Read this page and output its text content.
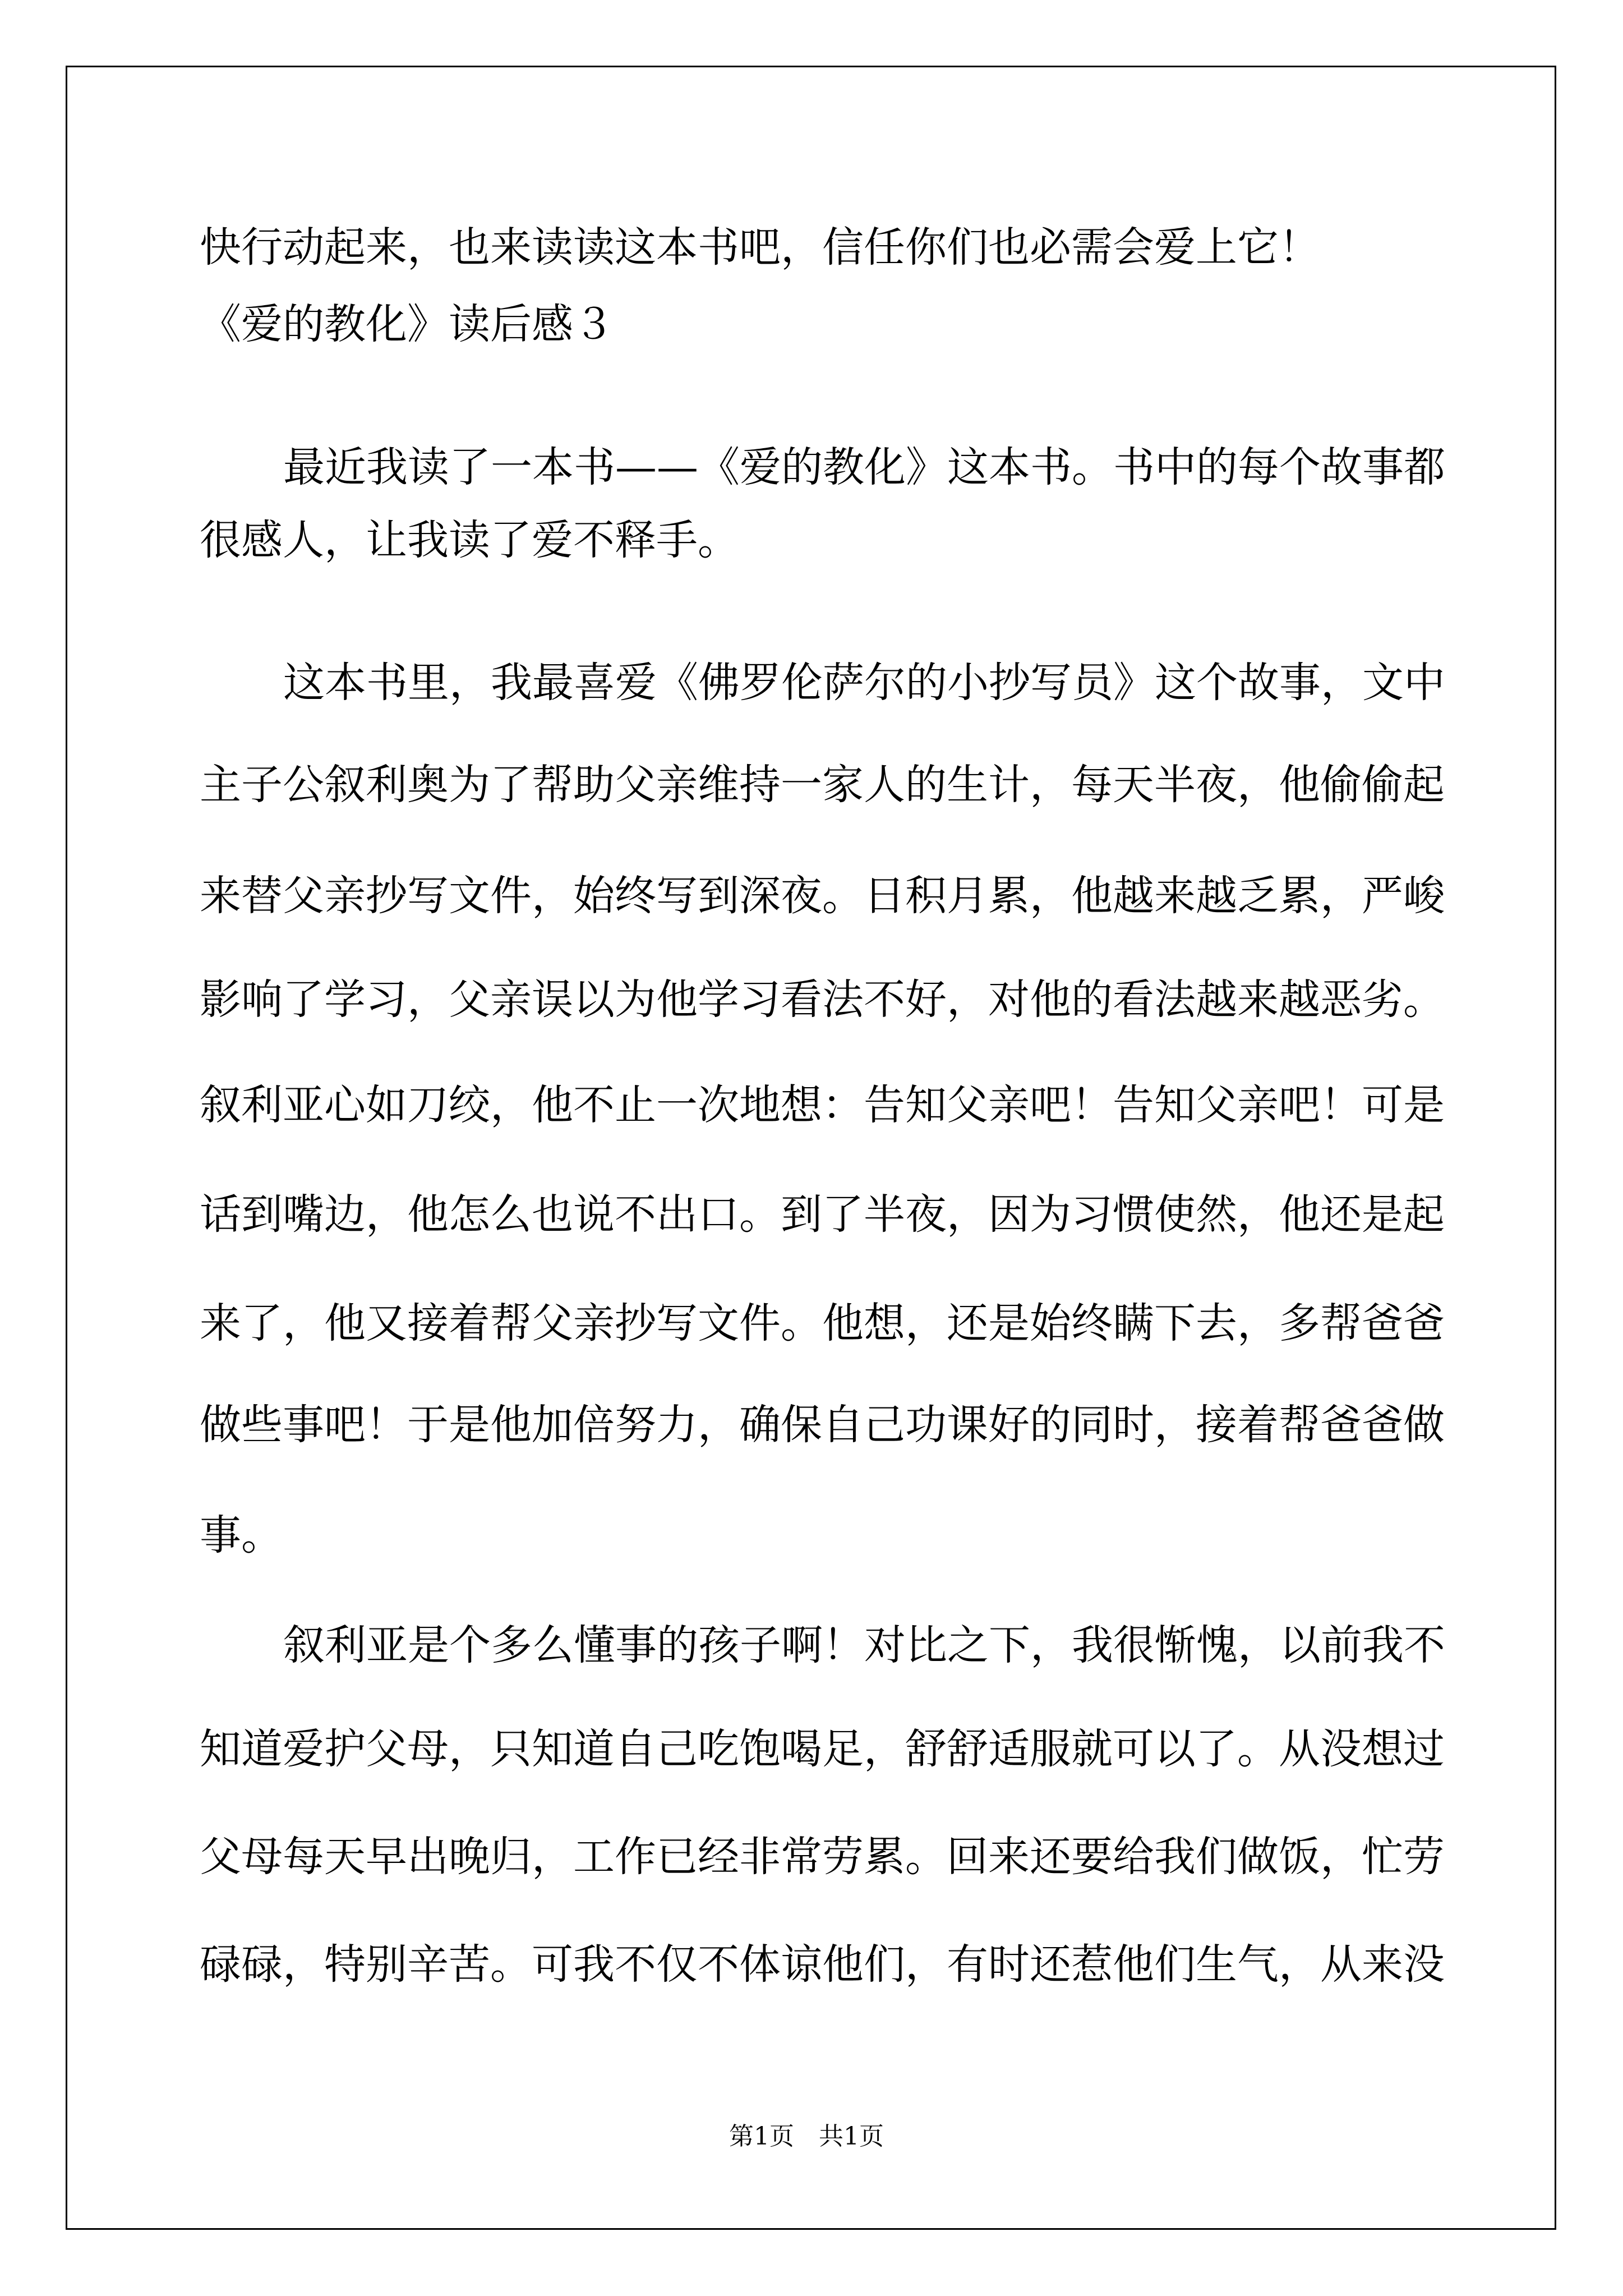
快行动起来，也来读读这本书吧，信任你们也必需会爱上它！
《爱的教化》读后感３
最近我读了一本书——《爱的教化》这本书。书中的每个故事都
很感人，让我读了爱不释手。
这本书里，我最喜爱《佛罗伦萨尔的小抄写员》这个故事，文中
主子公叙利奥为了帮助父亲维持一家人的生计，每天半夜，他偷偷起
来替父亲抄写文件，始终写到深夜。日积月累，他越来越乏累，严峻
影响了学习，父亲误以为他学习看法不好，对他的看法越来越恶劣。
叙利亚心如刀绞，他不止一次地想：告知父亲吧！告知父亲吧！可是
话到嘴边，他怎么也说不出口。到了半夜，因为习惯使然，他还是起
来了，他又接着帮父亲抄写文件。他想，还是始终瞒下去，多帮爸爸
做些事吧！于是他加倍努力，确保自己功课好的同时，接着帮爸爸做
事。
叙利亚是个多么懂事的孩子啊！对比之下，我很惭愧，以前我不
知道爱护父母，只知道自己吃饱喝足，舒舒适服就可以了。从没想过
父母每天早出晚归，工作已经非常劳累。回来还要给我们做饭，忙劳
碌碌，特别辛苦。可我不仅不体谅他们，有时还惹他们生气，从来没
第1页　共1页
